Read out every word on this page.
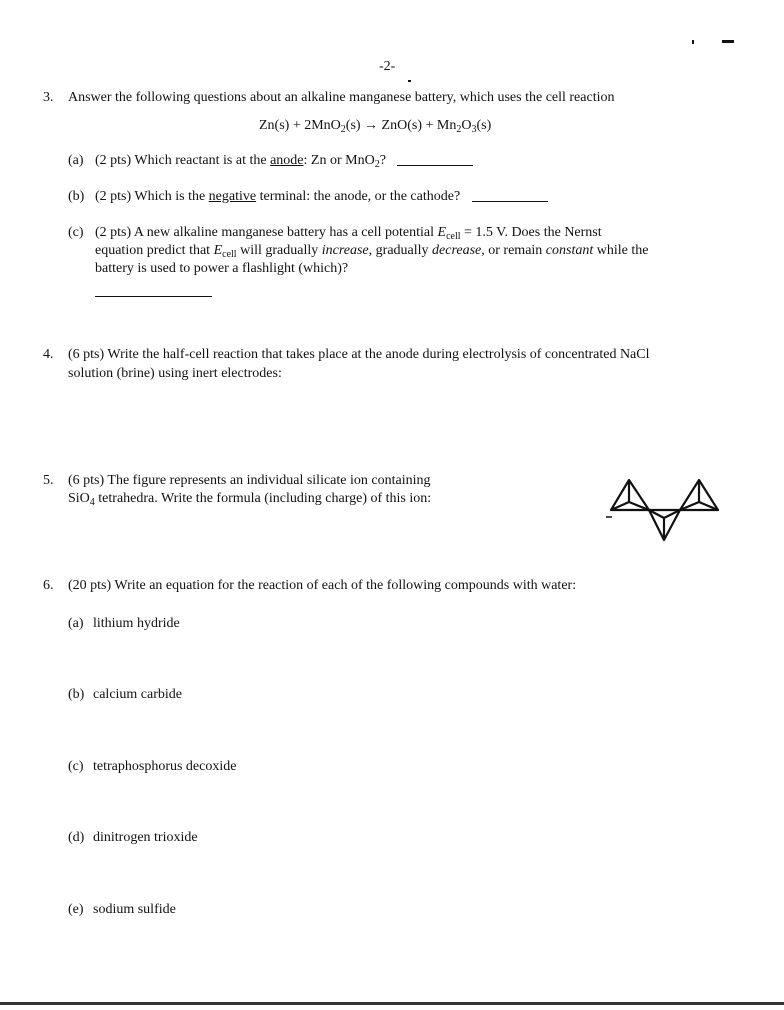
-2-
3. Answer the following questions about an alkaline manganese battery, which uses the cell reaction
$Zn(s) + 2MnO_2(s) \to ZnO(s) + Mn_2O_3(s)$
(a) (2 pts) Which reactant is at the anode: Zn or MnO$_2$?
(b) (2 pts) Which is the negative terminal: the anode, or the cathode?
(c) (2 pts) A new alkaline manganese battery has a cell potential $E_{cell} = 1.5$ V. Does the Nernst
equation predict that $E_{cell}$ will gradually increase, gradually decrease, or remain constant while the
battery is used to power a flashlight (which)?
4. (6 pts) Write the half-cell reaction that takes place at the anode during electrolysis of concentrated NaCl
solution (brine) using inert electrodes:
5. (6 pts) The figure represents an individual silicate ion containing
SiO$_4$ tetrahedra. Write the formula (including charge) of this ion:
6. (20 pts) Write an equation for the reaction of each of the following compounds with water:
(a) lithium hydride
(b) calcium carbide
(c) tetraphosphorus decoxide
(d) dinitrogen trioxide
(e) sodium sulfide
